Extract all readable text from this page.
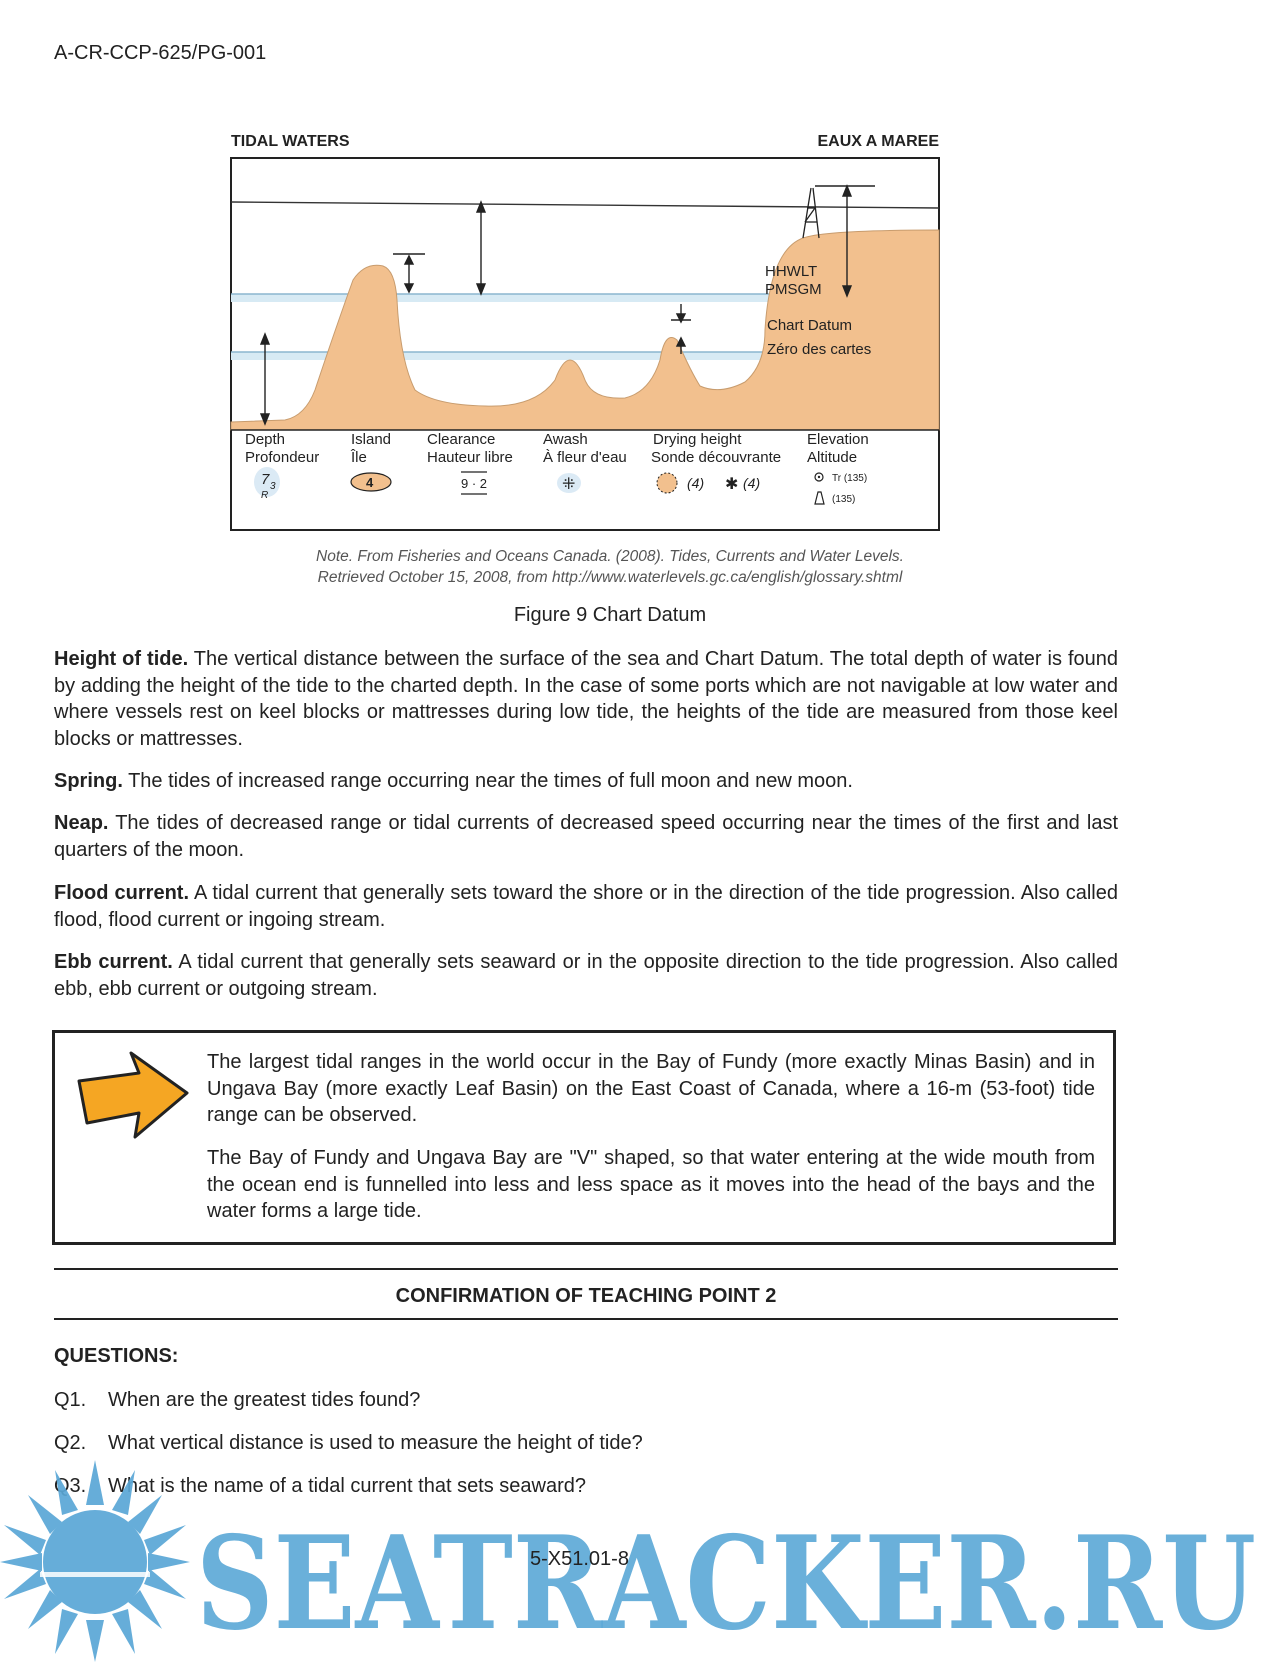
A-CR-CCP-625/PG-001
TIDAL WATERS	EAUX A MAREE
HHWLT
PMSGM
Chart Datum
Zéro des cartes
Depth
Profondeur
7 3
R
Island
Île
4
Clearance
Hauteur libre
9 · 2
Awash
À fleur d'eau
⁜
Drying height
Sonde découvrante
(4) ✱ (4)
Elevation
Altitude
Tr (135)
(135)
Note. From Fisheries and Oceans Canada. (2008). Tides, Currents and Water Levels.
Retrieved October 15, 2008, from http://www.waterlevels.gc.ca/english/glossary.shtml
Figure 9 Chart Datum

Height of tide. The vertical distance between the surface of the sea and Chart Datum. The total depth of water is found by adding the height of the tide to the charted depth. In the case of some ports which are not navigable at low water and where vessels rest on keel blocks or mattresses during low tide, the heights of the tide are measured from those keel blocks or mattresses.

Spring. The tides of increased range occurring near the times of full moon and new moon.

Neap. The tides of decreased range or tidal currents of decreased speed occurring near the times of the first and last quarters of the moon.

Flood current. A tidal current that generally sets toward the shore or in the direction of the tide progression. Also called flood, flood current or ingoing stream.

Ebb current. A tidal current that generally sets seaward or in the opposite direction to the tide progression. Also called ebb, ebb current or outgoing stream.

The largest tidal ranges in the world occur in the Bay of Fundy (more exactly Minas Basin) and in Ungava Bay (more exactly Leaf Basin) on the East Coast of Canada, where a 16-m (53-foot) tide range can be observed.

The Bay of Fundy and Ungava Bay are "V" shaped, so that water entering at the wide mouth from the ocean end is funnelled into less and less space as it moves into the head of the bays and the water forms a large tide.

CONFIRMATION OF TEACHING POINT 2
QUESTIONS:
Q1. When are the greatest tides found?
Q2. What vertical distance is used to measure the height of tide?
Q3. What is the name of a tidal current that sets seaward?
SEATRACKER.RU
5-X51.01-8
